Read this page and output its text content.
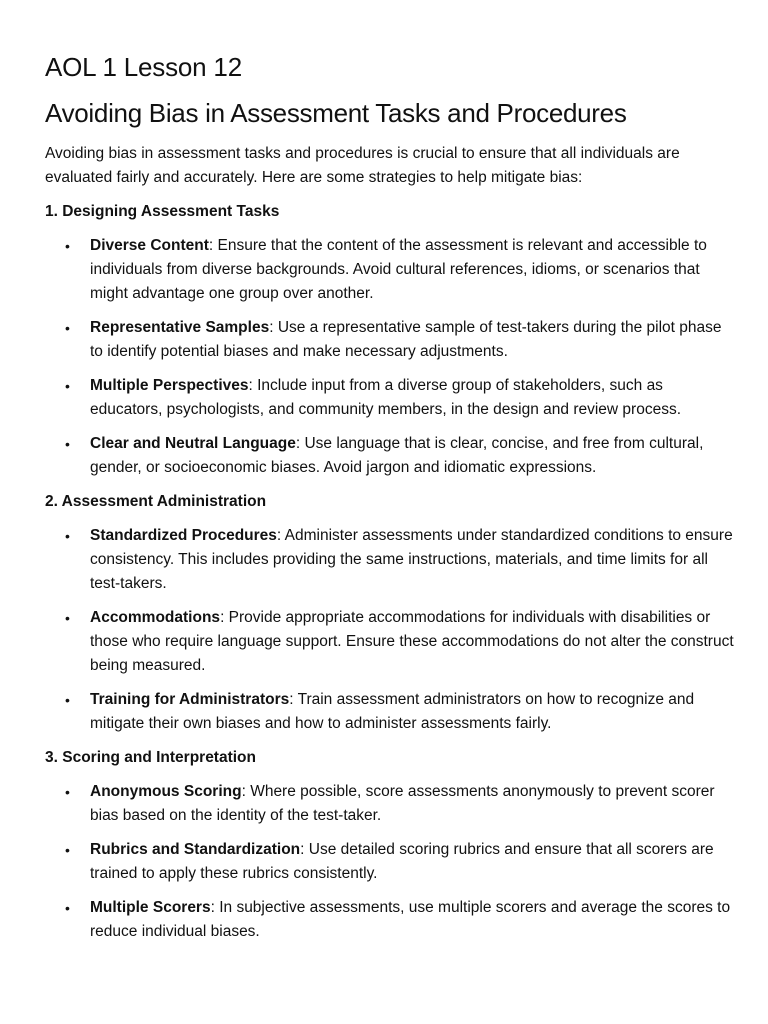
AOL 1 Lesson 12
Avoiding Bias in Assessment Tasks and Procedures

Avoiding bias in assessment tasks and procedures is crucial to ensure that all individuals are evaluated fairly and accurately. Here are some strategies to help mitigate bias:

1. Designing Assessment Tasks
• Diverse Content: Ensure that the content of the assessment is relevant and accessible to individuals from diverse backgrounds. Avoid cultural references, idioms, or scenarios that might advantage one group over another.
• Representative Samples: Use a representative sample of test-takers during the pilot phase to identify potential biases and make necessary adjustments.
• Multiple Perspectives: Include input from a diverse group of stakeholders, such as educators, psychologists, and community members, in the design and review process.
• Clear and Neutral Language: Use language that is clear, concise, and free from cultural, gender, or socioeconomic biases. Avoid jargon and idiomatic expressions.
2. Assessment Administration
• Standardized Procedures: Administer assessments under standardized conditions to ensure consistency. This includes providing the same instructions, materials, and time limits for all test-takers.
• Accommodations: Provide appropriate accommodations for individuals with disabilities or those who require language support. Ensure these accommodations do not alter the construct being measured.
• Training for Administrators: Train assessment administrators on how to recognize and mitigate their own biases and how to administer assessments fairly.
3. Scoring and Interpretation
• Anonymous Scoring: Where possible, score assessments anonymously to prevent scorer bias based on the identity of the test-taker.
• Rubrics and Standardization: Use detailed scoring rubrics and ensure that all scorers are trained to apply these rubrics consistently.
• Multiple Scorers: In subjective assessments, use multiple scorers and average the scores to reduce individual biases.
